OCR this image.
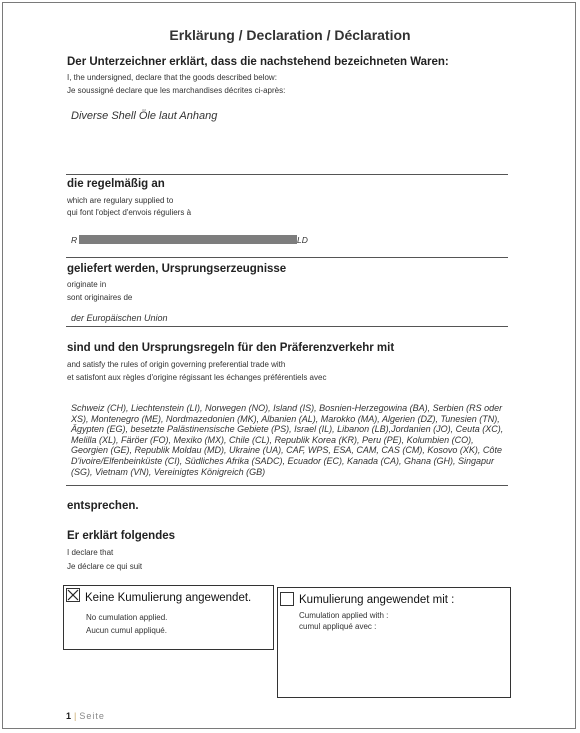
Erklärung / Declaration / Déclaration
Der Unterzeichner erklärt, dass die nachstehend bezeichneten Waren:
I, the undersigned, declare that the goods described below:
Je soussigné declare que les marchandises décrites ci-après:
Diverse Shell Öle laut Anhang
die regelmäßig an
which are regulary supplied to
qui font l'object d'envois réguliers à
R	LD
geliefert werden, Ursprungserzeugnisse
originate in
sont originaires de
der Europäischen Union
sind und den Ursprungsregeln für den Präferenzverkehr mit
and satisfy the rules of origin governing preferential trade with
et satisfont aux règles d'origine régissant les échanges préférentiels avec
Schweiz (CH), Liechtenstein (LI), Norwegen (NO), Island (IS), Bosnien-Herzegowina (BA), Serbien (RS oder XS), Montenegro (ME), Nordmazedonien (MK), Albanien (AL), Marokko (MA), Algerien (DZ), Tunesien (TN), Ägypten (EG), besetzte Palästinensische Gebiete (PS), Israel (IL), Libanon (LB),Jordanien (JO), Ceuta (XC), Melilla (XL), Färöer (FO), Mexiko (MX), Chile (CL), Republik Korea (KR), Peru (PE), Kolumbien (CO), Georgien (GE), Republik Moldau (MD), Ukraine (UA), CAF, WPS, ESA, CAM, CAS (CM), Kosovo (XK), Côte D'ivoire/Elfenbeinküste (CI), Südliches Afrika (SADC), Ecuador (EC), Kanada (CA), Ghana (GH), Singapur (SG), Vietnam (VN), Vereinigtes Königreich (GB)
entsprechen.
Er erklärt folgendes
I declare that
Je déclare ce qui suit
Keine Kumulierung angewendet.
No cumulation applied.
Aucun cumul appliqué.
Kumulierung angewendet mit :
Cumulation applied with :
cumul appliqué avec :
1 | Seite
